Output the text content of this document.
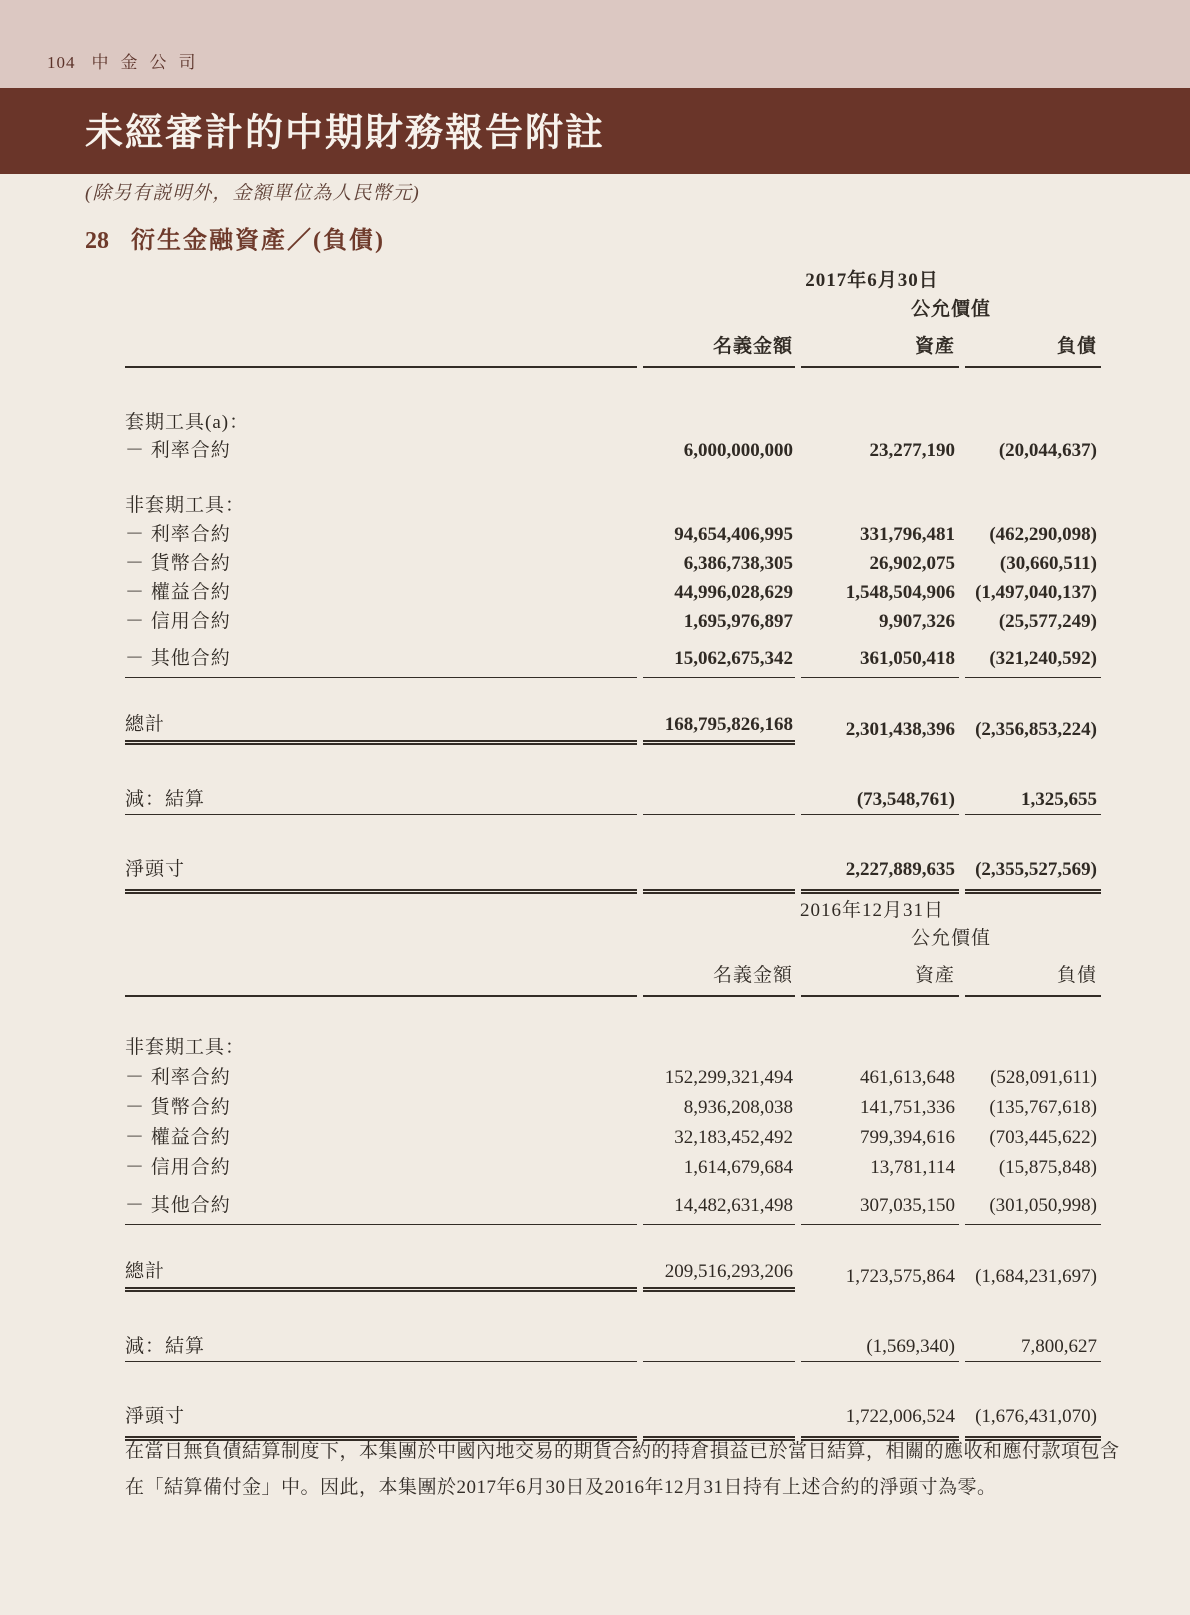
104 中金公司
未經審計的中期財務報告附註
(除另有説明外，金額單位為人民幣元)
28 衍生金融資產／(負債)
	2017年6月30日		
		公允價值	
	名義金額	資產	負債

套期工具(a)：			
－ 利率合約	6,000,000,000	23,277,190	(20,044,637)

非套期工具：			
－ 利率合約	94,654,406,995	331,796,481	(462,290,098)
－ 貨幣合約	6,386,738,305	26,902,075	(30,660,511)
－ 權益合約	44,996,028,629	1,548,504,906	(1,497,040,137)
－ 信用合約	1,695,976,897	9,907,326	(25,577,249)
－ 其他合約	15,062,675,342	361,050,418	(321,240,592)

總計	168,795,826,168	2,301,438,396	(2,356,853,224)

減：結算		(73,548,761)	1,325,655

淨頭寸		2,227,889,635	(2,355,527,569)
	2016年12月31日		
		公允價值	
	名義金額	資產	負債

非套期工具：			
－ 利率合約	152,299,321,494	461,613,648	(528,091,611)
－ 貨幣合約	8,936,208,038	141,751,336	(135,767,618)
－ 權益合約	32,183,452,492	799,394,616	(703,445,622)
－ 信用合約	1,614,679,684	13,781,114	(15,875,848)
－ 其他合約	14,482,631,498	307,035,150	(301,050,998)

總計	209,516,293,206	1,723,575,864	(1,684,231,697)

減：結算		(1,569,340)	7,800,627

淨頭寸		1,722,006,524	(1,676,431,070)
在當日無負債結算制度下，本集團於中國內地交易的期貨合約的持倉損益已於當日結算，相關的應收和應付款項包含
在「結算備付金」中。因此，本集團於2017年6月30日及2016年12月31日持有上述合約的淨頭寸為零。
